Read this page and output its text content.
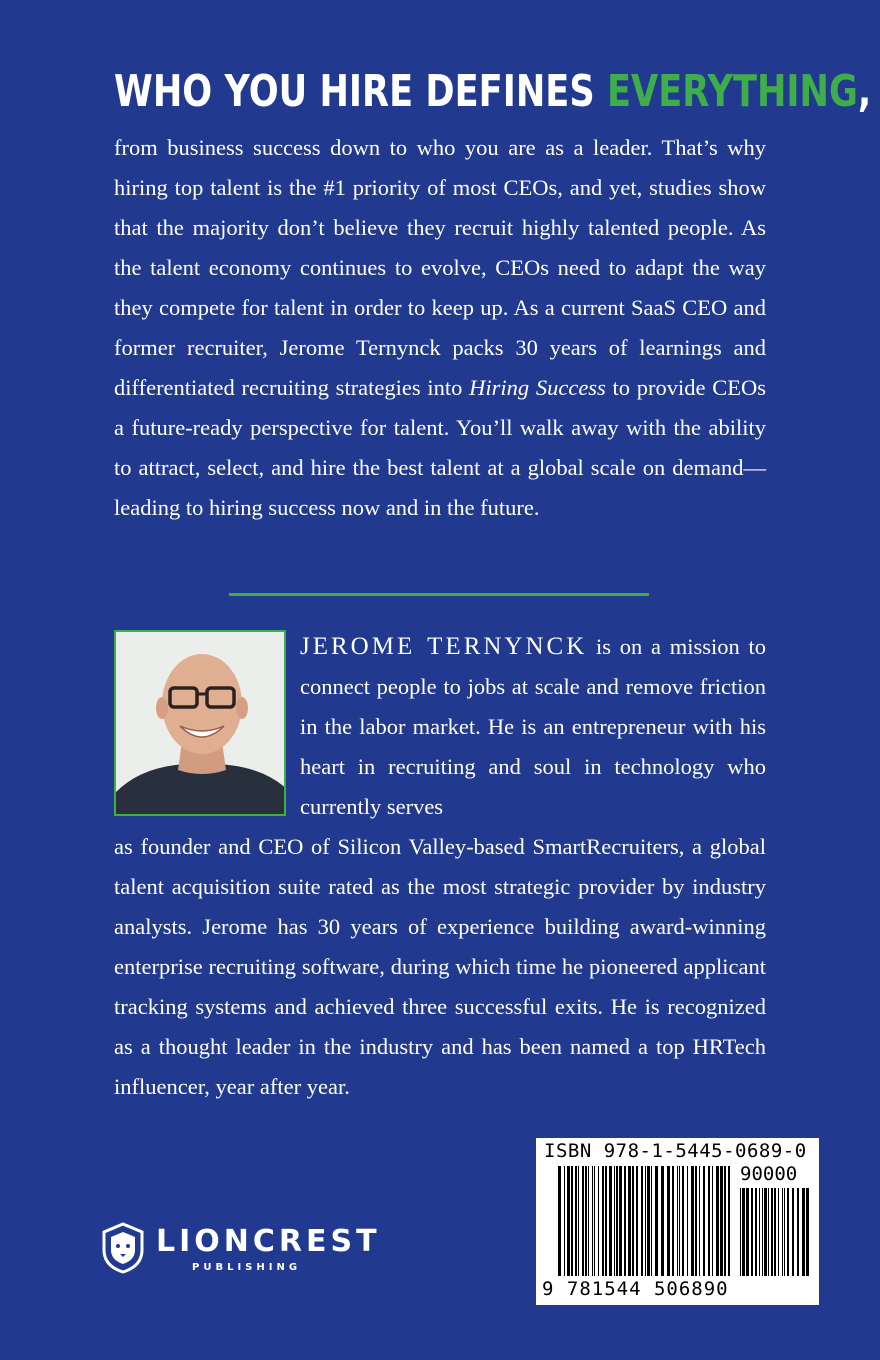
WHO YOU HIRE DEFINES EVERYTHING,

from business success down to who you are as a leader. That’s why hiring top talent is the #1 priority of most CEOs, and yet, studies show that the majority don’t believe they recruit highly talented people. As the talent economy continues to evolve, CEOs need to adapt the way they compete for talent in order to keep up. As a current SaaS CEO and former recruiter, Jerome Ternynck packs 30 years of learnings and differentiated recruiting strategies into Hiring Success to provide CEOs a future-ready perspective for talent. You’ll walk away with the ability to attract, select, and hire the best talent at a global scale on demand—leading to hiring success now and in the future.

JEROME TERNYNCK is on a mission to connect people to jobs at scale and remove friction in the labor market. He is an entrepreneur with his heart in recruiting and soul in technology who currently serves

as founder and CEO of Silicon Valley-based SmartRecruiters, a global talent acquisition suite rated as the most strategic provider by industry analysts. Jerome has 30 years of experience building award-winning enterprise recruiting software, during which time he pioneered applicant tracking systems and achieved three successful exits. He is recognized as a thought leader in the industry and has been named a top HRTech influencer, year after year.

LIONCREST
PUBLISHING
ISBN 978-1-5445-0689-0
90000
9 781544 506890
